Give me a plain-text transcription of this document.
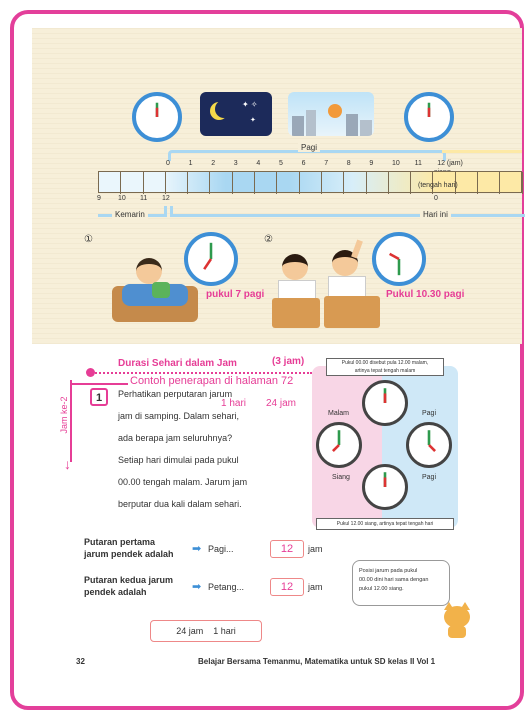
✦ ✧
✦
Pagi
0	1	2	3	4	5	6	7	8	9	10 11 12 (jam)
(tengah hari)
0
9 10 11 12
Kemarin	Hari ini
①
pukul 7 pagi
②
Pukul 10.30 pagi
Durasi Sehari dalam Jam	(3 jam)
Contoh penerapan di halaman 72
Jam ke-2
↓
1 hari 24 jam
1	Perhatikan perputaran jarum
jam di samping. Dalam sehari,
ada berapa jam seluruhnya?
Setiap hari dimulai pada pukul
00.00 tengah malam. Jarum jam
berputar dua kali dalam sehari.
Pukul 00.00 disebut pula 12.00 malam,
artinya tepat tengah malam
Malam	Pagi
Siang	Pagi
Pukul 12.00 siang, artinya tepat tengah hari
Putaran pertama
jarum pendek adalah ➡ Pagi...	12	jam
Putaran kedua jarum
pendek adalah	➡ Petang...	12	jam
Posisi jarum pada pukul
00.00 dini hari sama dengan
pukul 12.00 siang.
24 jam    1 hari
32	Belajar Bersama Temanmu, Matematika untuk SD kelas II Vol 1
